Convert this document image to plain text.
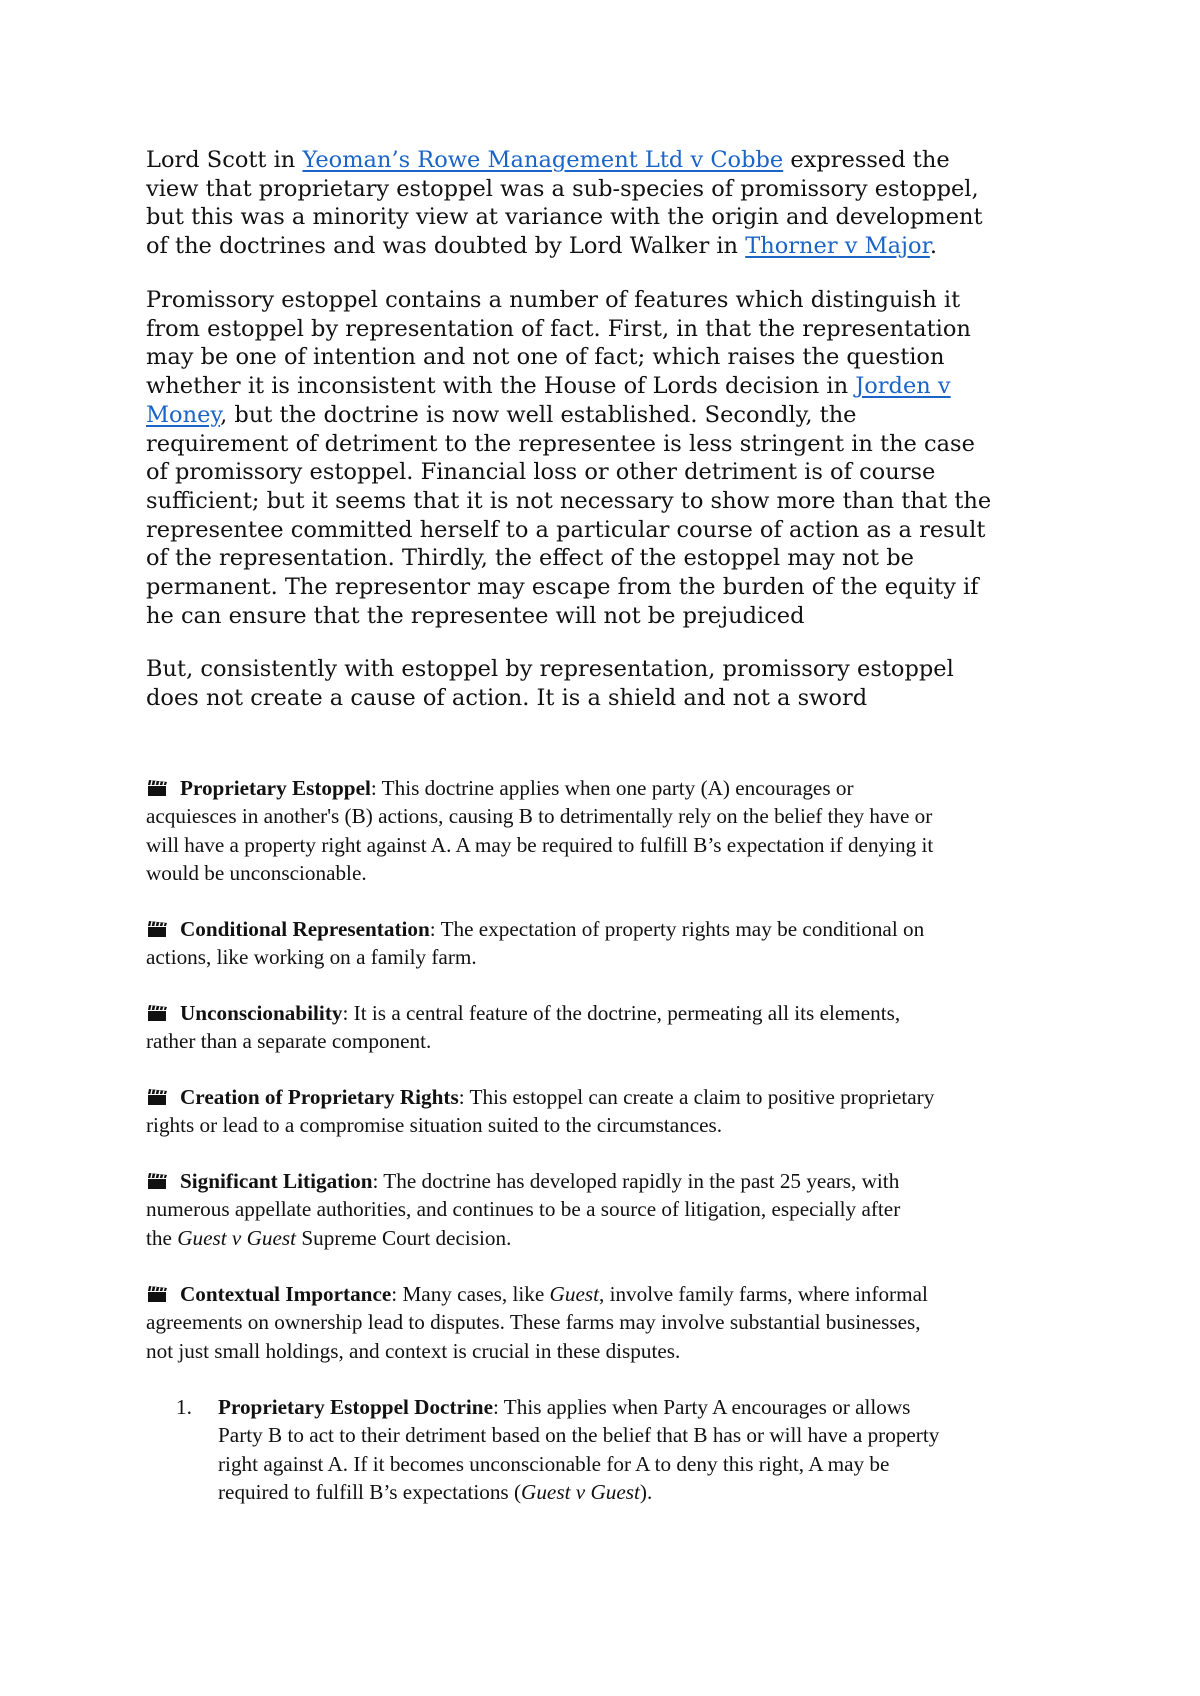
Lord Scott in Yeoman’s Rowe Management Ltd v Cobbe expressed the
view that proprietary estoppel was a sub-species of promissory estoppel,
but this was a minority view at variance with the origin and development
of the doctrines and was doubted by Lord Walker in Thorner v Major.
Promissory estoppel contains a number of features which distinguish it
from estoppel by representation of fact. First, in that the representation
may be one of intention and not one of fact; which raises the question
whether it is inconsistent with the House of Lords decision in Jorden v
Money, but the doctrine is now well established. Secondly, the
requirement of detriment to the representee is less stringent in the case
of promissory estoppel. Financial loss or other detriment is of course
sufficient; but it seems that it is not necessary to show more than that the
representee committed herself to a particular course of action as a result
of the representation. Thirdly, the effect of the estoppel may not be
permanent. The representor may escape from the burden of the equity if
he can ensure that the representee will not be prejudiced
But, consistently with estoppel by representation, promissory estoppel
does not create a cause of action. It is a shield and not a sword
Proprietary Estoppel: This doctrine applies when one party (A) encourages or
acquiesces in another's (B) actions, causing B to detrimentally rely on the belief they have or
will have a property right against A. A may be required to fulfill B’s expectation if denying it
would be unconscionable.
Conditional Representation: The expectation of property rights may be conditional on
actions, like working on a family farm.
Unconscionability: It is a central feature of the doctrine, permeating all its elements,
rather than a separate component.
Creation of Proprietary Rights: This estoppel can create a claim to positive proprietary
rights or lead to a compromise situation suited to the circumstances.
Significant Litigation: The doctrine has developed rapidly in the past 25 years, with
numerous appellate authorities, and continues to be a source of litigation, especially after
the Guest v Guest Supreme Court decision.
Contextual Importance: Many cases, like Guest, involve family farms, where informal
agreements on ownership lead to disputes. These farms may involve substantial businesses,
not just small holdings, and context is crucial in these disputes.
1. Proprietary Estoppel Doctrine: This applies when Party A encourages or allows
Party B to act to their detriment based on the belief that B has or will have a property
right against A. If it becomes unconscionable for A to deny this right, A may be
required to fulfill B’s expectations (Guest v Guest).
